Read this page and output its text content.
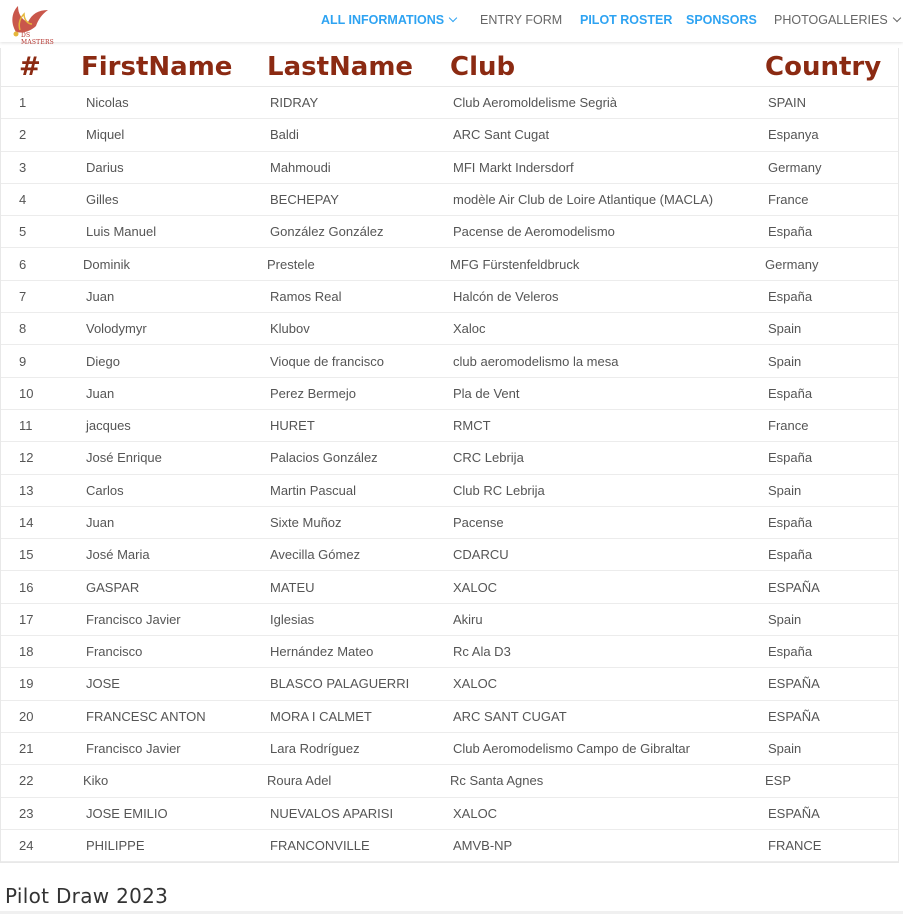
DS MASTERS
ALL INFORMATIONS	ENTRY FORM PILOT ROSTER SPONSORS PHOTOGALLERIES
# FirstName	LastName	Club	Country
1 Nicolas	RIDRAY	Club Aeromoldelisme Segrià	SPAIN
2 Miquel	Baldi	ARC Sant Cugat	Espanya
3 Darius	Mahmoudi	MFI Markt Indersdorf	Germany
4 Gilles	BECHEPAY	modèle Air Club de Loire Atlantique (MACLA)	France
5 Luis Manuel	González González	Pacense de Aeromodelismo	España
6 Dominik	Prestele	MFG Fürstenfeldbruck	Germany
7 Juan	Ramos Real	Halcón de Veleros	España
8 Volodymyr	Klubov	Xaloc	Spain
9 Diego	Vioque de francisco	club aeromodelismo la mesa	Spain
10 Juan	Perez Bermejo	Pla de Vent	España
11 jacques	HURET	RMCT	France
12 José Enrique	Palacios González	CRC Lebrija	España
13 Carlos	Martin Pascual	Club RC Lebrija	Spain
14 Juan	Sixte Muñoz	Pacense	España
15 José Maria	Avecilla Gómez	CDARCU	España
16 GASPAR	MATEU	XALOC	ESPAÑA
17 Francisco Javier	Iglesias	Akiru	Spain
18 Francisco	Hernández Mateo	Rc Ala D3	España
19 JOSE	BLASCO PALAGUERRI	XALOC	ESPAÑA
20 FRANCESC ANTON	MORA I CALMET	ARC SANT CUGAT	ESPAÑA
21 Francisco Javier	Lara Rodríguez	Club Aeromodelismo Campo de Gibraltar	Spain
22 Kiko	Roura Adel	Rc Santa Agnes	ESP
23 JOSE EMILIO	NUEVALOS APARISI	XALOC	ESPAÑA
24 PHILIPPE	FRANCONVILLE	AMVB-NP	FRANCE
Pilot Draw 2023
